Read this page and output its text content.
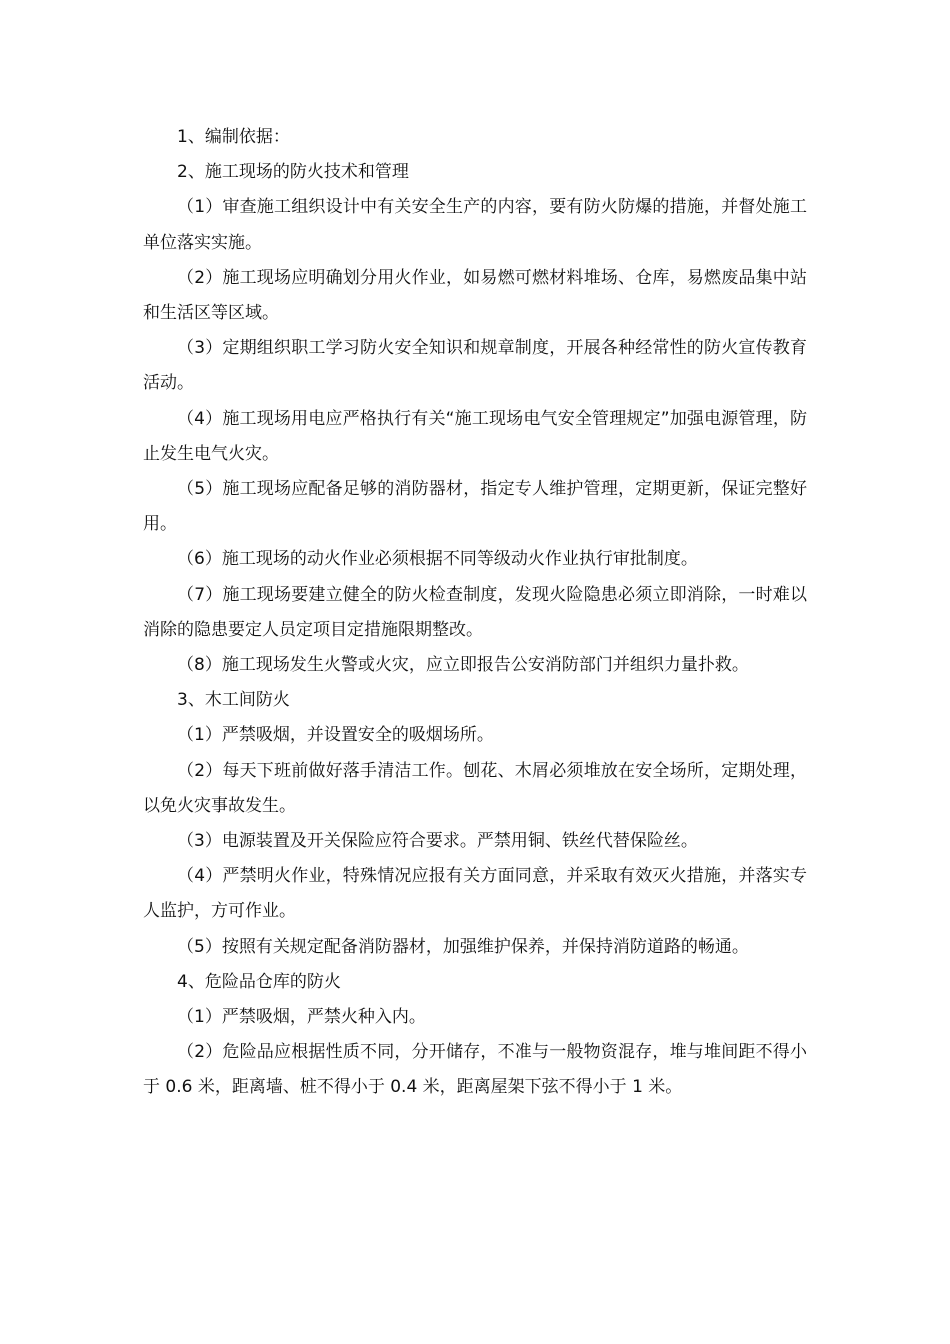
1、编制依据：

2、施工现场的防火技术和管理

（1）审查施工组织设计中有关安全生产的内容，要有防火防爆的措施，并督处施工单位落实实施。

（2）施工现场应明确划分用火作业，如易燃可燃材料堆场、仓库，易燃废品集中站和生活区等区域。

（3）定期组织职工学习防火安全知识和规章制度，开展各种经常性的防火宣传教育活动。

（4）施工现场用电应严格执行有关“施工现场电气安全管理规定”加强电源管理，防止发生电气火灾。

（5）施工现场应配备足够的消防器材，指定专人维护管理，定期更新，保证完整好用。

（6）施工现场的动火作业必须根据不同等级动火作业执行审批制度。

（7）施工现场要建立健全的防火检查制度，发现火险隐患必须立即消除，一时难以消除的隐患要定人员定项目定措施限期整改。

（8）施工现场发生火警或火灾，应立即报告公安消防部门并组织力量扑救。

3、木工间防火

（1）严禁吸烟，并设置安全的吸烟场所。

（2）每天下班前做好落手清洁工作。刨花、木屑必须堆放在安全场所，定期处理，以免火灾事故发生。

（3）电源装置及开关保险应符合要求。严禁用铜、铁丝代替保险丝。

（4）严禁明火作业，特殊情况应报有关方面同意，并采取有效灭火措施，并落实专人监护，方可作业。

（5）按照有关规定配备消防器材，加强维护保养，并保持消防道路的畅通。

4、危险品仓库的防火

（1）严禁吸烟，严禁火种入内。

（2）危险品应根据性质不同，分开储存，不准与一般物资混存，堆与堆间距不得小于 0.6 米，距离墙、桩不得小于 0.4 米，距离屋架下弦不得小于 1 米。
